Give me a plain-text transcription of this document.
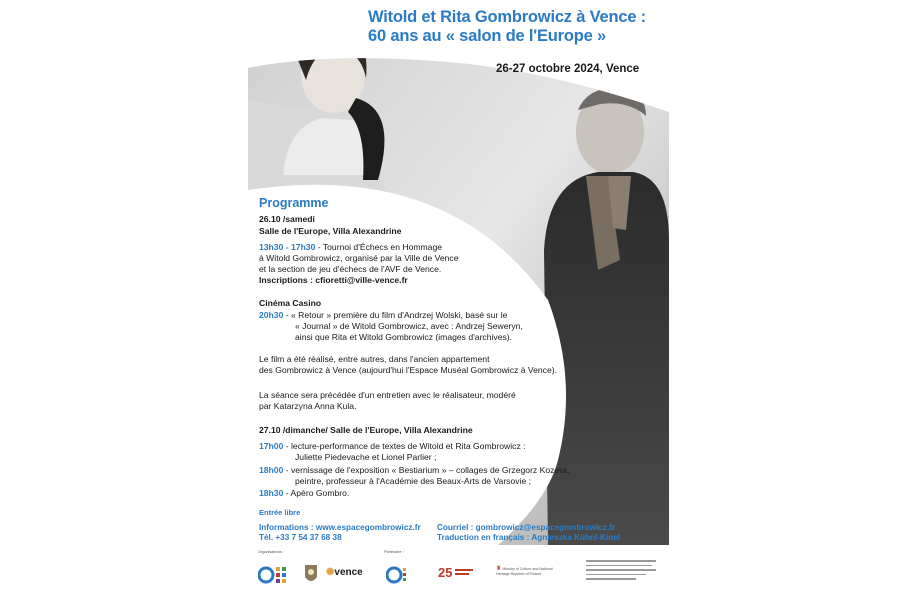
Witold et Rita Gombrowicz à Vence :
60 ans au « salon de l'Europe »
26-27 octobre 2024, Vence
Programme
26.10 /samedi
Salle de l'Europe, Villa Alexandrine
13h30 - 17h30 - Tournoi d'Échecs en Hommage
à Witold Gombrowicz, organisé par la Ville de Vence
et la section de jeu d'échecs de l'AVF de Vence.
Inscriptions : cfioretti@ville-vence.fr
Cinéma Casino
20h30 - « Retour » première du film d'Andrzej Wolski, basé sur le
« Journal » de Witold Gombrowicz, avec : Andrzej Seweryn,
ainsi que Rita et Witold Gombrowicz (images d'archives).
Le film a été réalisé, entre autres, dans l'ancien appartement
des Gombrowicz à Vence (aujourd'hui l'Espace Muséal Gombrowicz à Vence).
La séance sera précédée d'un entretien avec le réalisateur, modéré
par Katarzyna Anna Kula.
27.10 /dimanche/ Salle de l'Europe, Villa Alexandrine
17h00 - lecture-performance de textes de Witold et Rita Gombrowicz :
Juliette Piedevache et Lionel Parlier ;
18h00 - vernissage de l'exposition « Bestiarium » – collages de Grzegorz Kozera,
peintre, professeur à l'Académie des Beaux-Arts de Varsovie ;
18h30 - Apéro Gombro.
Entrée libre
Informations : www.espacegombrowicz.fr
Tél. +33 7 54 37 68 38
Courriel : gombrowicz@espacegombrowicz.fr
Traduction en français : Agnieszka Kühnl-Kinel
Organisateurs :	Partenaire :
✺vence	25	♜ Ministry of Culture and National Heritage Republic of Poland
